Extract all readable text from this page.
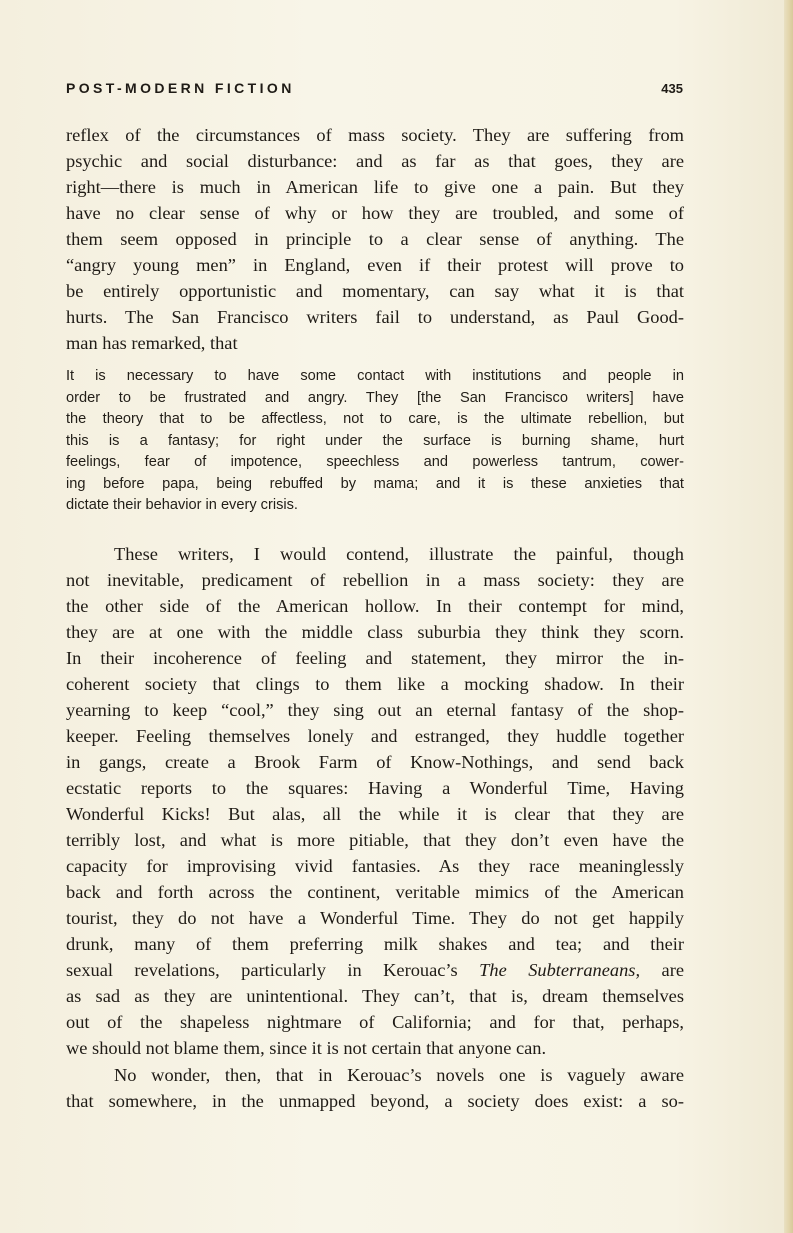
POST-MODERN FICTION	435

reflex of the circumstances of mass society. They are suffering from

psychic and social disturbance: and as far as that goes, they are

right—there is much in American life to give one a pain. But they

have no clear sense of why or how they are troubled, and some of

them seem opposed in principle to a clear sense of anything. The

“angry young men” in England, even if their protest will prove to

be entirely opportunistic and momentary, can say what it is that

hurts. The San Francisco writers fail to understand, as Paul Good-

man has remarked, that

It is necessary to have some contact with institutions and people in

order to be frustrated and angry. They [the San Francisco writers] have

the theory that to be affectless, not to care, is the ultimate rebellion, but

this is a fantasy; for right under the surface is burning shame, hurt

feelings, fear of impotence, speechless and powerless tantrum, cower-

ing before papa, being rebuffed by mama; and it is these anxieties that

dictate their behavior in every crisis.

These writers, I would contend, illustrate the painful, though

not inevitable, predicament of rebellion in a mass society: they are

the other side of the American hollow. In their contempt for mind,

they are at one with the middle class suburbia they think they scorn.

In their incoherence of feeling and statement, they mirror the in-

coherent society that clings to them like a mocking shadow. In their

yearning to keep “cool,” they sing out an eternal fantasy of the shop-

keeper. Feeling themselves lonely and estranged, they huddle together

in gangs, create a Brook Farm of Know-Nothings, and send back

ecstatic reports to the squares: Having a Wonderful Time, Having

Wonderful Kicks! But alas, all the while it is clear that they are

terribly lost, and what is more pitiable, that they don’t even have the

capacity for improvising vivid fantasies. As they race meaninglessly

back and forth across the continent, veritable mimics of the American

tourist, they do not have a Wonderful Time. They do not get happily

drunk, many of them preferring milk shakes and tea; and their

sexual revelations, particularly in Kerouac’s The Subterraneans, are

as sad as they are unintentional. They can’t, that is, dream themselves

out of the shapeless nightmare of California; and for that, perhaps,

we should not blame them, since it is not certain that anyone can.

No wonder, then, that in Kerouac’s novels one is vaguely aware

that somewhere, in the unmapped beyond, a society does exist: a so-
